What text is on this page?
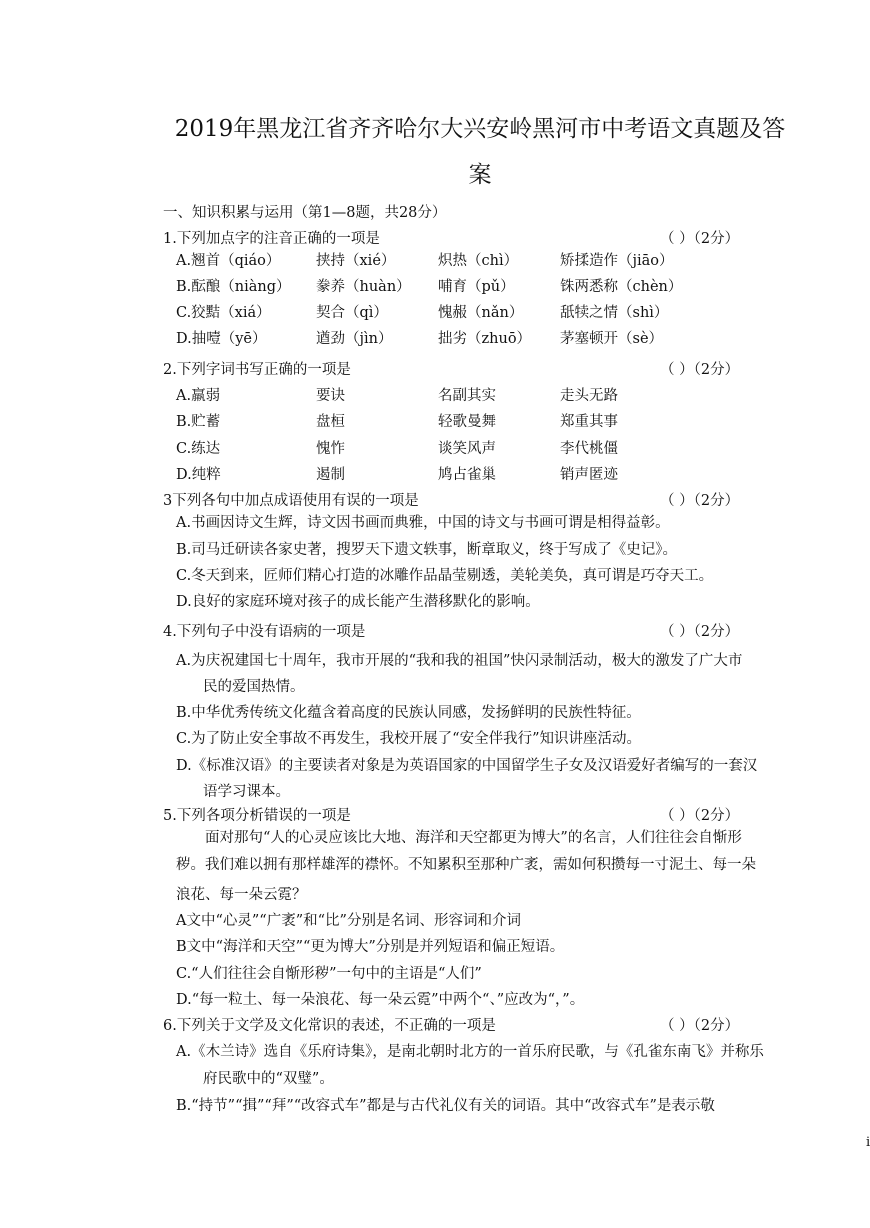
2019年黑龙江省齐齐哈尔大兴安岭黑河市中考语文真题及答
案
一、知识积累与运用（第1—8题，共28分）
1.下列加点字的注音正确的一项是	（ ）（2分）
A.翘首（qiáo） 挟持（xié）	炽热（chì）	矫揉造作（jiāo）
B.酝酿（niàng） 豢养（huàn） 哺育（pǔ）	铢两悉称（chèn）
C.狡黠（xiá）	契合（qì）	愧赧（nǎn）	舐犊之情（shì）
D.抽噎（yē）	遒劲（jìn）	拙劣（zhuō） 茅塞顿开（sè）
2.下列字词书写正确的一项是	（ ）（2分）
A.羸弱	要诀	名副其实	走头无路
B.贮蓄	盘桓	轻歌曼舞	郑重其事
C.练达	愧怍	谈笑风声	李代桃僵
D.纯粹	遏制	鸠占雀巢	销声匿迹
3下列各句中加点成语使用有误的一项是	（ ）（2分）
A.书画因诗文生辉，诗文因书画而典雅，中国的诗文与书画可谓是相得益彰。
B.司马迁研读各家史著，搜罗天下遗文轶事，断章取义，终于写成了《史记》。
C.冬天到来，匠师们精心打造的冰雕作品晶莹剔透，美轮美奂，真可谓是巧夺天工。
D.良好的家庭环境对孩子的成长能产生潜移默化的影响。
4.下列句子中没有语病的一项是	（ ）（2分）
A.为庆祝建国七十周年，我市开展的“我和我的祖国”快闪录制活动，极大的激发了广大市
民的爱国热情。
B.中华优秀传统文化蕴含着高度的民族认同感，发扬鲜明的民族性特征。
C.为了防止安全事故不再发生，我校开展了“安全伴我行”知识讲座活动。
D.《标准汉语》的主要读者对象是为英语国家的中国留学生子女及汉语爱好者编写的一套汉
语学习课本。
5.下列各项分析错误的一项是	（ ）（2分）
面对那句“人的心灵应该比大地、海洋和天空都更为博大”的名言，人们往往会自惭形
秽。我们难以拥有那样雄浑的襟怀。不知累积至那种广袤，需如何积攒每一寸泥土、每一朵
浪花、每一朵云霓？
A文中“心灵”“广袤”和“比”分别是名词、形容词和介词
B文中“海洋和天空”“更为博大”分别是并列短语和偏正短语。
C.“人们往往会自惭形秽”一句中的主语是“人们”
D.“每一粒土、每一朵浪花、每一朵云霓”中两个“、”应改为“，”。
6.下列关于文学及文化常识的表述，不正确的一项是	（ ）（2分）
A.《木兰诗》选自《乐府诗集》，是南北朝时北方的一首乐府民歌，与《孔雀东南飞》并称乐
府民歌中的“双璧”。
B.“持节”“揖”“拜”“改容式车”都是与古代礼仪有关的词语。其中“改容式车”是表示敬
i
